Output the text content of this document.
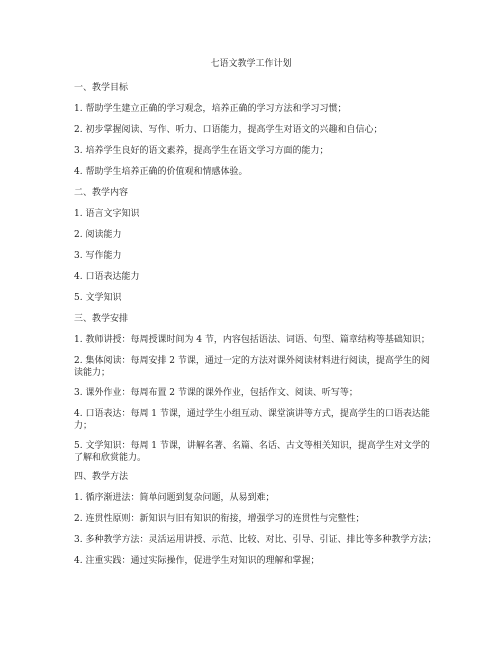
七语文教学工作计划
一、教学目标
1. 帮助学生建立正确的学习观念，培养正确的学习方法和学习习惯；
2. 初步掌握阅读、写作、听力、口语能力，提高学生对语文的兴趣和自信心；
3. 培养学生良好的语文素养，提高学生在语文学习方面的能力；
4. 帮助学生培养正确的价值观和情感体验。
二、教学内容
1. 语言文字知识
2. 阅读能力
3. 写作能力
4. 口语表达能力
5. 文学知识
三、教学安排
1. 教师讲授：每周授课时间为 4 节，内容包括语法、词语、句型、篇章结构等基础知识；
2. 集体阅读：每周安排 2 节课，通过一定的方法对课外阅读材料进行阅读，提高学生的阅读能力；
3. 课外作业：每周布置 2 节课的课外作业，包括作文、阅读、听写等；
4. 口语表达：每周 1 节课，通过学生小组互动、课堂演讲等方式，提高学生的口语表达能力；
5. 文学知识：每周 1 节课，讲解名著、名篇、名话、古文等相关知识，提高学生对文学的了解和欣赏能力。
四、教学方法
1. 循序渐进法：简单问题到复杂问题，从易到难；
2. 连贯性原则：新知识与旧有知识的衔接，增强学习的连贯性与完整性；
3. 多种教学方法：灵活运用讲授、示范、比较、对比、引导、引证、排比等多种教学方法；
4. 注重实践：通过实际操作，促进学生对知识的理解和掌握；
